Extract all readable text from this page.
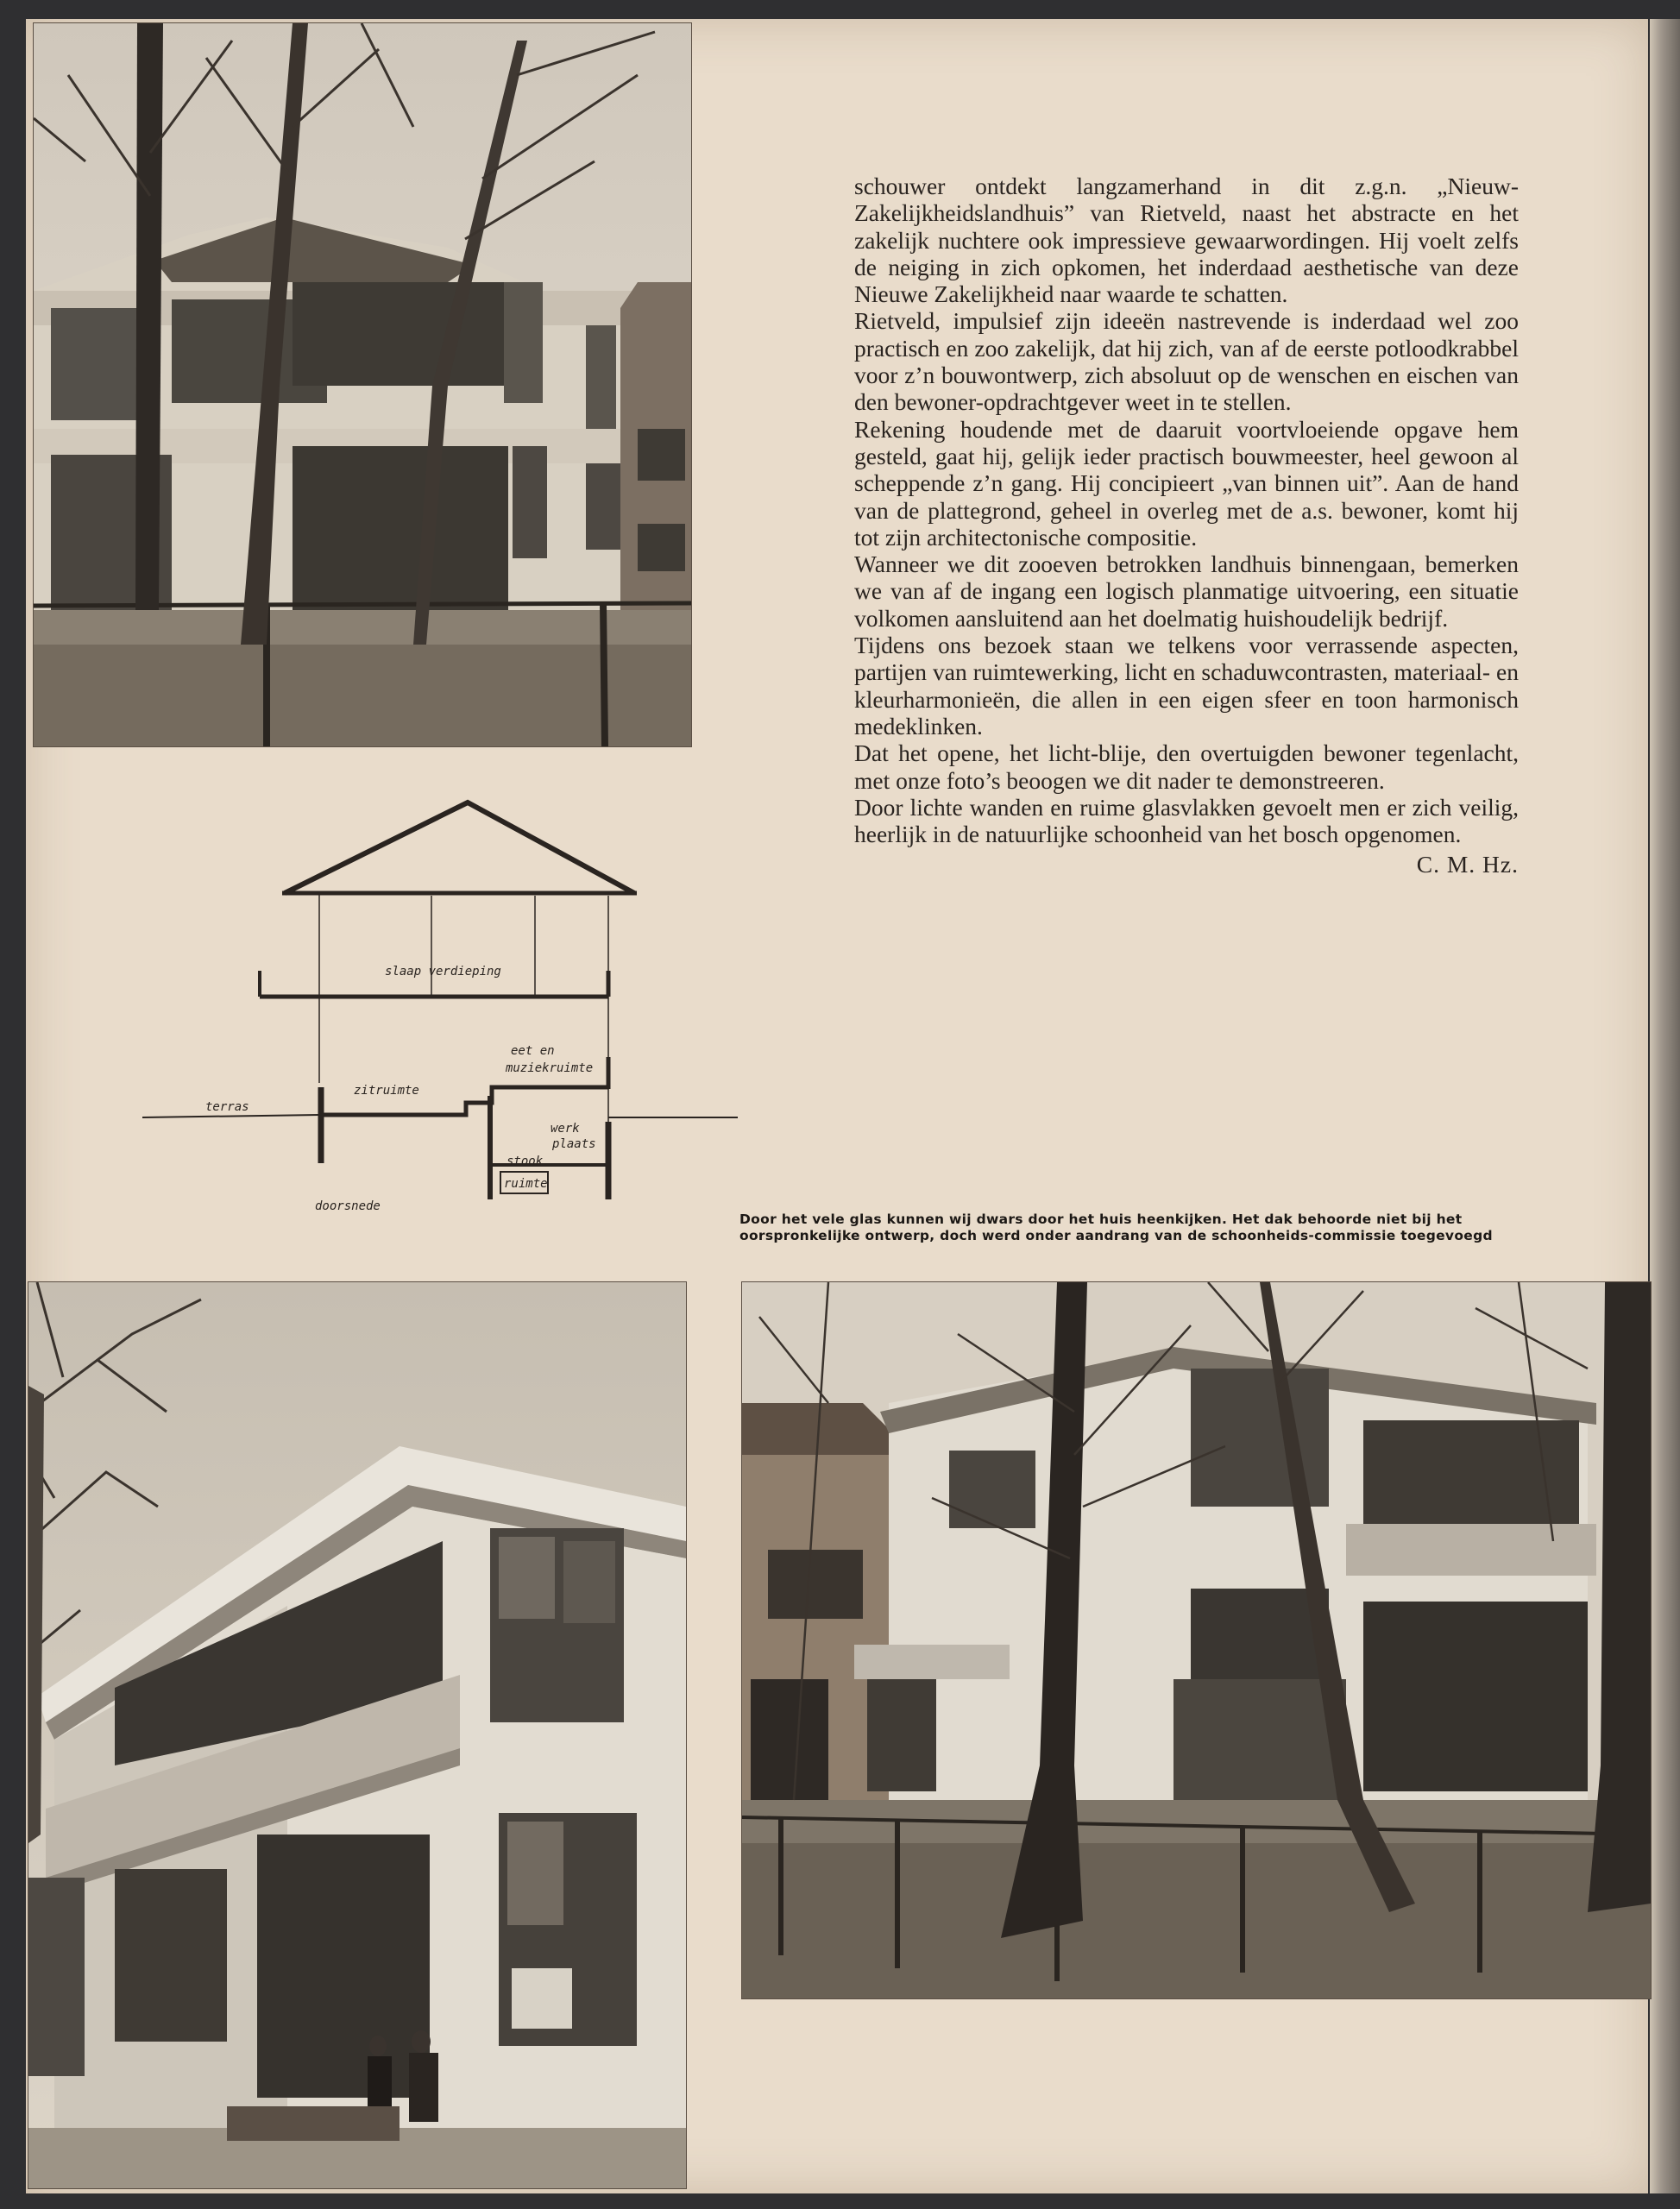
schouwer ontdekt langzamerhand in dit z.g.n. „Nieuw-Zakelijkheidslandhuis” van Rietveld, naast het abstracte en het zakelijk nuchtere ook impressieve gewaarwordingen. Hij voelt zelfs de neiging in zich opkomen, het inderdaad aesthetische van deze Nieuwe Zakelijkheid naar waarde te schatten.

Rietveld, impulsief zijn ideeën nastrevende is inderdaad wel zoo practisch en zoo zakelijk, dat hij zich, van af de eerste potloodkrabbel voor z’n bouwontwerp, zich absoluut op de wenschen en eischen van den bewoner-opdrachtgever weet in te stellen.

Rekening houdende met de daaruit voortvloeiende opgave hem gesteld, gaat hij, gelijk ieder practisch bouwmeester, heel gewoon al scheppende z’n gang. Hij concipieert „van binnen uit”. Aan de hand van de plattegrond, geheel in overleg met de a.s. bewoner, komt hij tot zijn architectonische compositie.

Wanneer we dit zooeven betrokken landhuis binnengaan, bemerken we van af de ingang een logisch planmatige uitvoering, een situatie volkomen aansluitend aan het doelmatig huishoudelijk bedrijf.

Tijdens ons bezoek staan we telkens voor verrassende aspecten, partijen van ruimtewerking, licht en schaduwcontrasten, materiaal- en kleurharmonieën, die allen in een eigen sfeer en toon harmonisch medeklinken.

Dat het opene, het licht-blije, den overtuigden bewoner tegenlacht, met onze foto’s beoogen we dit nader te demonstreeren.

Door lichte wanden en ruime glasvlakken gevoelt men er zich veilig, heerlijk in de natuurlijke schoonheid van het bosch opgenomen.

C. M. Hz.
slaap verdieping
eet en
muziekruimte
zitruimte
terras
werk
plaats
stook
ruimte
doorsnede
Door het vele glas kunnen wij dwars door het huis heenkijken. Het dak behoorde niet bij het oorspronkelijke ontwerp, doch werd onder aandrang van de schoonheids-commissie toegevoegd
